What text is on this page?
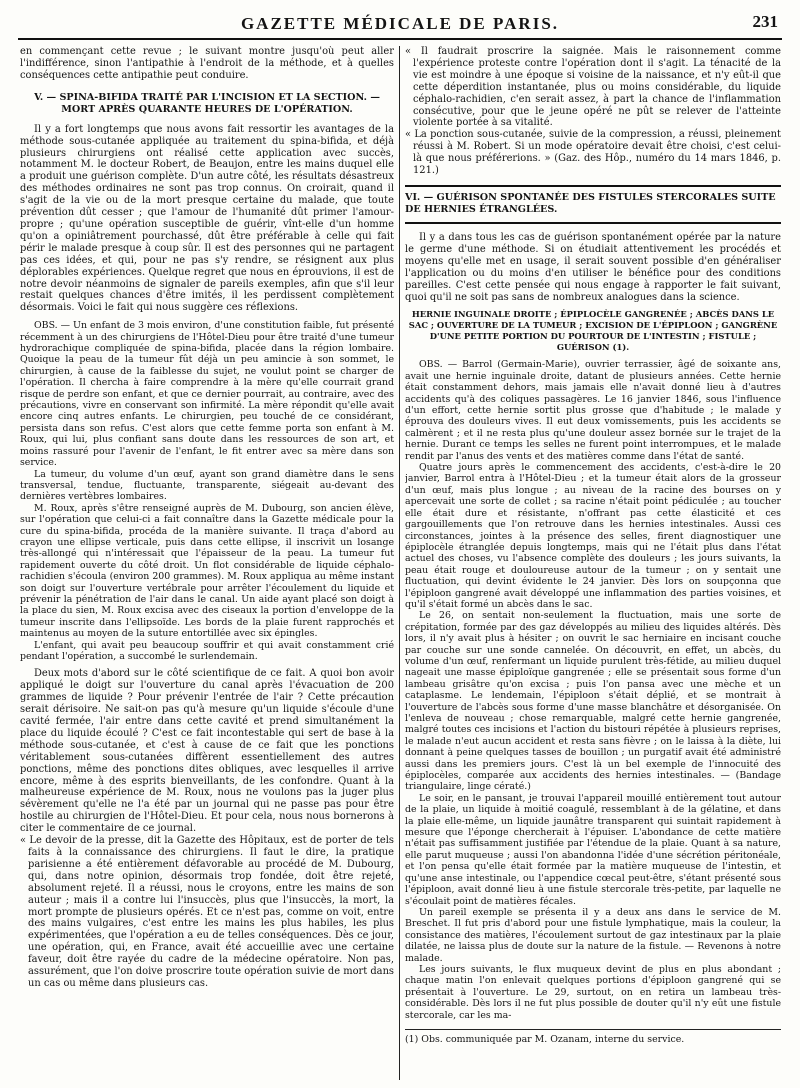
GAZETTE MÉDICALE DE PARIS.	231

en commençant cette revue ; le suivant montre jusqu'où peut aller l'indifférence, sinon l'antipathie à l'endroit de la méthode, et à quelles conséquences cette antipathie peut conduire.

V. — SPINA-BIFIDA TRAITÉ PAR L'INCISION ET LA SECTION. — MORT APRÈS QUARANTE HEURES DE L'OPÉRATION.

Il y a fort longtemps que nous avons fait ressortir les avantages de la méthode sous-cutanée appliquée au traitement du spina-bifida, et déjà plusieurs chirurgiens ont réalisé cette application avec succès, notamment M. le docteur Robert, de Beaujon, entre les mains duquel elle a produit une guérison complète. D'un autre côté, les résultats désastreux des méthodes ordinaires ne sont pas trop connus. On croirait, quand il s'agit de la vie ou de la mort presque certaine du malade, que toute prévention dût cesser ; que l'amour de l'humanité dût primer l'amour-propre ; qu'une opération susceptible de guérir, vînt-elle d'un homme qu'on a opiniâtrement pourchassé, dût être préférable à celle qui fait périr le malade presque à coup sûr. Il est des personnes qui ne partagent pas ces idées, et qui, pour ne pas s'y rendre, se résignent aux plus déplorables expériences. Quelque regret que nous en éprouvions, il est de notre devoir néanmoins de signaler de pareils exemples, afin que s'il leur restait quelques chances d'être imités, il les perdissent complètement désormais. Voici le fait qui nous suggère ces réflexions.

OBS. — Un enfant de 3 mois environ, d'une constitution faible, fut présenté récemment à un des chirurgiens de l'Hôtel-Dieu pour être traité d'une tumeur hydrorachique compliquée de spina-bifida, placée dans la région lombaire. Quoique la peau de la tumeur fût déjà un peu amincie à son sommet, le chirurgien, à cause de la faiblesse du sujet, ne voulut point se charger de l'opération. Il chercha à faire comprendre à la mère qu'elle courrait grand risque de perdre son enfant, et que ce dernier pourrait, au contraire, avec des précautions, vivre en conservant son infirmité. La mère répondit qu'elle avait encore cinq autres enfants. Le chirurgien, peu touché de ce considérant, persista dans son refus. C'est alors que cette femme porta son enfant à M. Roux, qui lui, plus confiant sans doute dans les ressources de son art, et moins rassuré pour l'avenir de l'enfant, le fit entrer avec sa mère dans son service.

La tumeur, du volume d'un œuf, ayant son grand diamètre dans le sens transversal, tendue, fluctuante, transparente, siégeait au-devant des dernières vertèbres lombaires.

M. Roux, après s'être renseigné auprès de M. Dubourg, son ancien élève, sur l'opération que celui-ci a fait connaître dans la Gazette médicale pour la cure du spina-bifida, procéda de la manière suivante. Il traça d'abord au crayon une ellipse verticale, puis dans cette ellipse, il inscrivit un losange très-allongé qui n'intéressait que l'épaisseur de la peau. La tumeur fut rapidement ouverte du côté droit. Un flot considérable de liquide céphalo-rachidien s'écoula (environ 200 grammes). M. Roux appliqua au même instant son doigt sur l'ouverture vertébrale pour arrêter l'écoulement du liquide et prévenir la pénétration de l'air dans le canal. Un aide ayant placé son doigt à la place du sien, M. Roux excisa avec des ciseaux la portion d'enveloppe de la tumeur inscrite dans l'ellipsoïde. Les bords de la plaie furent rapprochés et maintenus au moyen de la suture entortillée avec six épingles.

L'enfant, qui avait peu beaucoup souffrir et qui avait constamment crié pendant l'opération, a succombé le surlendemain.

Deux mots d'abord sur le côté scientifique de ce fait. A quoi bon avoir appliqué le doigt sur l'ouverture du canal après l'évacuation de 200 grammes de liquide ? Pour prévenir l'entrée de l'air ? Cette précaution serait dérisoire. Ne sait-on pas qu'à mesure qu'un liquide s'écoule d'une cavité fermée, l'air entre dans cette cavité et prend simultanément la place du liquide écoulé ? C'est ce fait incontestable qui sert de base à la méthode sous-cutanée, et c'est à cause de ce fait que les ponctions véritablement sous-cutanées diffèrent essentiellement des autres ponctions, même des ponctions dites obliques, avec lesquelles il arrive encore, même à des esprits bienveillants, de les confondre. Quant à la malheureuse expérience de M. Roux, nous ne voulons pas la juger plus sévèrement qu'elle ne l'a été par un journal qui ne passe pas pour être hostile au chirurgien de l'Hôtel-Dieu. Et pour cela, nous nous bornerons à citer le commentaire de ce journal.

« Le devoir de la presse, dit la Gazette des Hôpitaux, est de porter de tels faits à la connaissance des chirurgiens. Il faut le dire, la pratique parisienne a été entièrement défavorable au procédé de M. Dubourg, qui, dans notre opinion, désormais trop fondée, doit être rejeté, absolument rejeté. Il a réussi, nous le croyons, entre les mains de son auteur ; mais il a contre lui l'insuccès, plus que l'insuccès, la mort, la mort prompte de plusieurs opérés. Et ce n'est pas, comme on voit, entre des mains vulgaires, c'est entre les mains les plus habiles, les plus expérimentées, que l'opération a eu de telles conséquences. Dès ce jour, une opération, qui, en France, avait été accueillie avec une certaine faveur, doit être rayée du cadre de la médecine opératoire. Non pas, assurément, que l'on doive proscrire toute opération suivie de mort dans un cas ou même dans plusieurs cas.

« Il faudrait proscrire la saignée. Mais le raisonnement comme l'expérience proteste contre l'opération dont il s'agit. La ténacité de la vie est moindre à une époque si voisine de la naissance, et n'y eût-il que cette déperdition instantanée, plus ou moins considérable, du liquide céphalo-rachidien, c'en serait assez, à part la chance de l'inflammation consécutive, pour que le jeune opéré ne pût se relever de l'atteinte violente portée à sa vitalité.

« La ponction sous-cutanée, suivie de la compression, a réussi, pleinement réussi à M. Robert. Si un mode opératoire devait être choisi, c'est celui-là que nous préférerions. » (Gaz. des Hôp., numéro du 14 mars 1846, p. 121.)

VI. — GUÉRISON SPONTANÉE DES FISTULES STERCORALES SUITE DE HERNIES ÉTRANGLÉES.

Il y a dans tous les cas de guérison spontanément opérée par la nature le germe d'une méthode. Si on étudiait attentivement les procédés et moyens qu'elle met en usage, il serait souvent possible d'en généraliser l'application ou du moins d'en utiliser le bénéfice pour des conditions pareilles. C'est cette pensée qui nous engage à rapporter le fait suivant, quoi qu'il ne soit pas sans de nombreux analogues dans la science.

HERNIE INGUINALE DROITE ; ÉPIPLOCÈLE GANGRENÉE ; ABCÈS DANS LE SAC ; OUVERTURE DE LA TUMEUR ; EXCISION DE L'ÉPIPLOON ; GANGRÈNE D'UNE PETITE PORTION DU POURTOUR DE L'INTESTIN ; FISTULE ; GUÉRISON (1).

OBS. — Barrol (Germain-Marie), ouvrier terrassier, âgé de soixante ans, avait une hernie inguinale droite, datant de plusieurs années. Cette hernie était constamment dehors, mais jamais elle n'avait donné lieu à d'autres accidents qu'à des coliques passagères. Le 16 janvier 1846, sous l'influence d'un effort, cette hernie sortit plus grosse que d'habitude ; le malade y éprouva des douleurs vives. Il eut deux vomissements, puis les accidents se calmèrent ; et il ne resta plus qu'une douleur assez bornée sur le trajet de la hernie. Durant ce temps les selles ne furent point interrompues, et le malade rendit par l'anus des vents et des matières comme dans l'état de santé.

Quatre jours après le commencement des accidents, c'est-à-dire le 20 janvier, Barrol entra à l'Hôtel-Dieu ; et la tumeur était alors de la grosseur d'un œuf, mais plus longue ; au niveau de la racine des bourses on y apercevait une sorte de collet ; sa racine n'était point pédiculée ; au toucher elle était dure et résistante, n'offrant pas cette élasticité et ces gargouillements que l'on retrouve dans les hernies intestinales. Aussi ces circonstances, jointes à la présence des selles, firent diagnostiquer une épiplocèle étranglée depuis longtemps, mais qui ne l'était plus dans l'état actuel des choses, vu l'absence complète des douleurs ; les jours suivants, la peau était rouge et douloureuse autour de la tumeur ; on y sentait une fluctuation, qui devint évidente le 24 janvier. Dès lors on soupçonna que l'épiploon gangrené avait développé une inflammation des parties voisines, et qu'il s'était formé un abcès dans le sac.

Le 26, on sentait non-seulement la fluctuation, mais une sorte de crépitation, formée par des gaz développés au milieu des liquides altérés. Dès lors, il n'y avait plus à hésiter ; on ouvrit le sac herniaire en incisant couche par couche sur une sonde cannelée. On découvrit, en effet, un abcès, du volume d'un œuf, renfermant un liquide purulent très-fétide, au milieu duquel nageait une masse épiploïque gangrenée ; elle se présentait sous forme d'un lambeau grisâtre qu'on excisa ; puis l'on pansa avec une mèche et un cataplasme. Le lendemain, l'épiploon s'était déplié, et se montrait à l'ouverture de l'abcès sous forme d'une masse blanchâtre et désorganisée. On l'enleva de nouveau ; chose remarquable, malgré cette hernie gangrenée, malgré toutes ces incisions et l'action du bistouri répétée à plusieurs reprises, le malade n'eut aucun accident et resta sans fièvre ; on le laissa à la diète, lui donnant à peine quelques tasses de bouillon ; un purgatif avait été administré aussi dans les premiers jours. C'est là un bel exemple de l'innocuité des épiplocèles, comparée aux accidents des hernies intestinales. — (Bandage triangulaire, linge cératé.)

Le soir, en le pansant, je trouvai l'appareil mouillé entièrement tout autour de la plaie, un liquide à moitié coagulé, ressemblant à de la gélatine, et dans la plaie elle-même, un liquide jaunâtre transparent qui suintait rapidement à mesure que l'éponge chercherait à l'épuiser. L'abondance de cette matière n'était pas suffisamment justifiée par l'étendue de la plaie. Quant à sa nature, elle parut muqueuse ; aussi l'on abandonna l'idée d'une sécrétion péritonéale, et l'on pensa qu'elle était formée par la matière muqueuse de l'intestin, et qu'une anse intestinale, ou l'appendice cœcal peut-être, s'étant présenté sous l'épiploon, avait donné lieu à une fistule stercorale très-petite, par laquelle ne s'écoulait point de matières fécales.

Un pareil exemple se présenta il y a deux ans dans le service de M. Breschet. Il fut pris d'abord pour une fistule lymphatique, mais la couleur, la consistance des matières, l'écoulement surtout de gaz intestinaux par la plaie dilatée, ne laissa plus de doute sur la nature de la fistule. — Revenons à notre malade.

Les jours suivants, le flux muqueux devint de plus en plus abondant ; chaque matin l'on enlevait quelques portions d'épiploon gangrené qui se présentait à l'ouverture. Le 29, surtout, on en retira un lambeau très-considérable. Dès lors il ne fut plus possible de douter qu'il n'y eût une fistule stercorale, car les ma-

(1) Obs. communiquée par M. Ozanam, interne du service.
